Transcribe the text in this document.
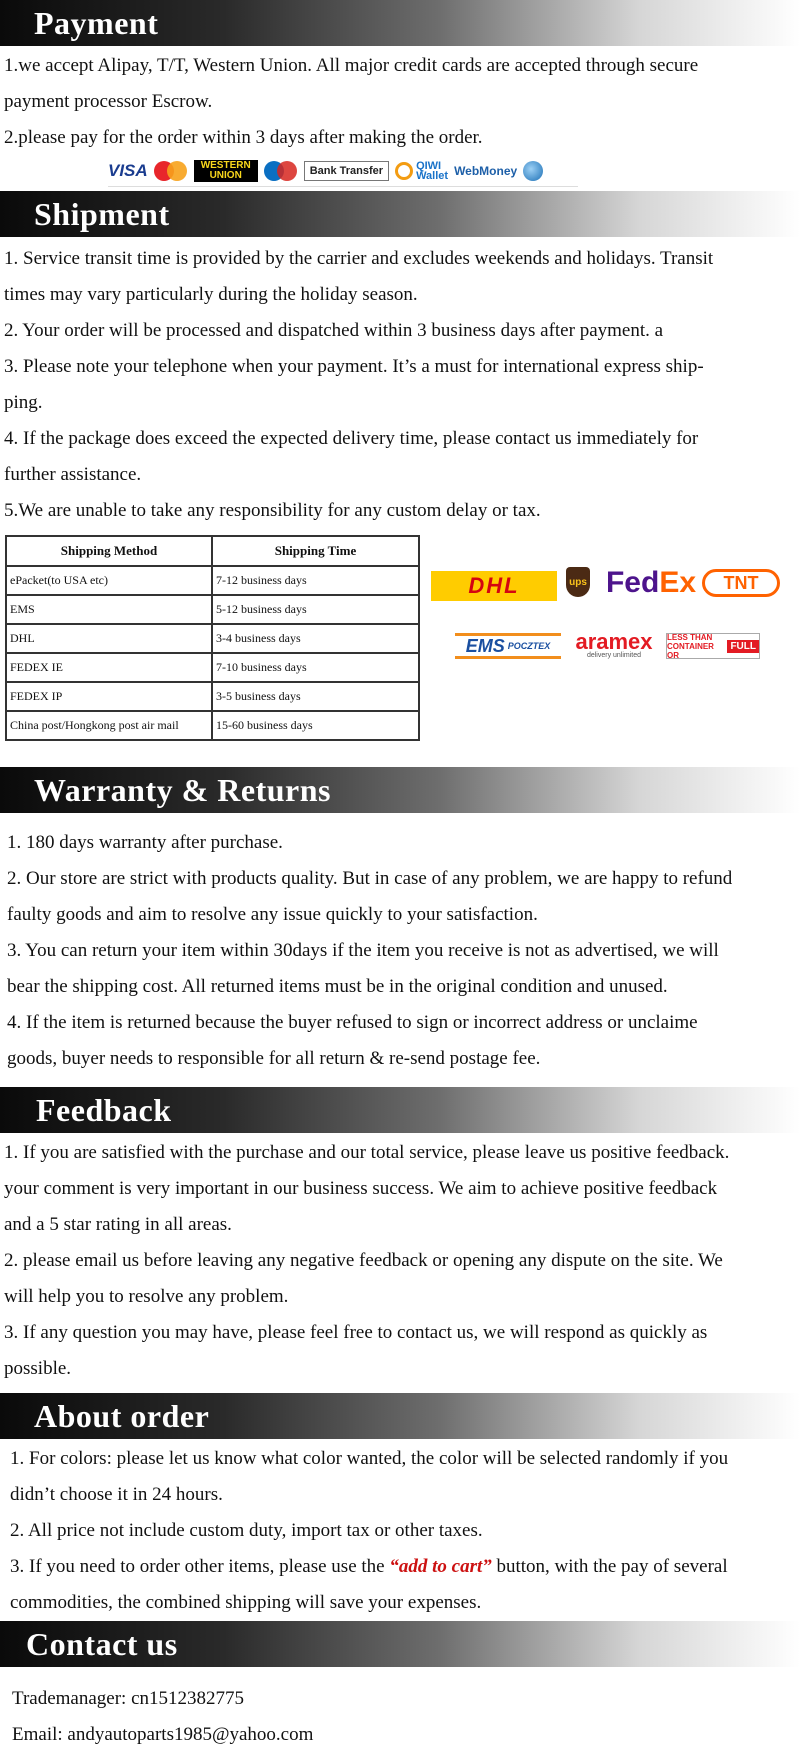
Payment

1.we accept Alipay, T/T, Western Union. All major credit cards are accepted through secure

payment processor Escrow.

2.please pay for the order within 3 days after making the order.

VISA	WESTERN
UNION	Bank Transfer	QIWI
Wallet WebMoney
Shipment

1. Service transit time is provided by the carrier and excludes weekends and holidays. Transit

times may vary particularly during the holiday season.

2. Your order will be processed and dispatched within 3 business days after payment. a

3. Please note your telephone when your payment. It’s a must for international express ship-

ping.

4. If the package does exceed the expected delivery time, please contact us immediately for

further assistance.

5.We are unable to take any responsibility for any custom delay or tax.

Shipping Method	Shipping Time
ePacket(to USA etc)	7-12 business days
EMS	5-12 business days
DHL	3-4 business days
FEDEX IE	7-10 business days
FEDEX IP	3-5 business days
China post/Hongkong post air mail	15-60 business days
DHL	ups Fed Ex	TNT
EMS POCZTEX aramex
delivery unlimited
LESS THAN CONTAINER OR
FULL
Warranty & Returns

1. 180 days warranty after purchase.

2. Our store are strict with products quality. But in case of any problem, we are happy to refund

faulty goods and aim to resolve any issue quickly to your satisfaction.

3. You can return your item within 30days if the item you receive is not as advertised, we will

bear the shipping cost. All returned items must be in the original condition and unused.

4. If the item is returned because the buyer refused to sign or incorrect address or unclaime

goods, buyer needs to responsible for all return & re-send postage fee.

Feedback

1. If you are satisfied with the purchase and our total service, please leave us positive feedback.

your comment is very important in our business success. We aim to achieve positive feedback

and a 5 star rating in all areas.

2. please email us before leaving any negative feedback or opening any dispute on the site. We

will help you to resolve any problem.

3. If any question you may have, please feel free to contact us, we will respond as quickly as

possible.

About order

1. For colors: please let us know what color wanted, the color will be selected randomly if you

didn’t choose it in 24 hours.

2. All price not include custom duty, import tax or other taxes.

3. If you need to order other items, please use the “add to cart” button, with the pay of several

commodities, the combined shipping will save your expenses.

Contact us

Trademanager: cn1512382775

Email: andyautoparts1985@yahoo.com
